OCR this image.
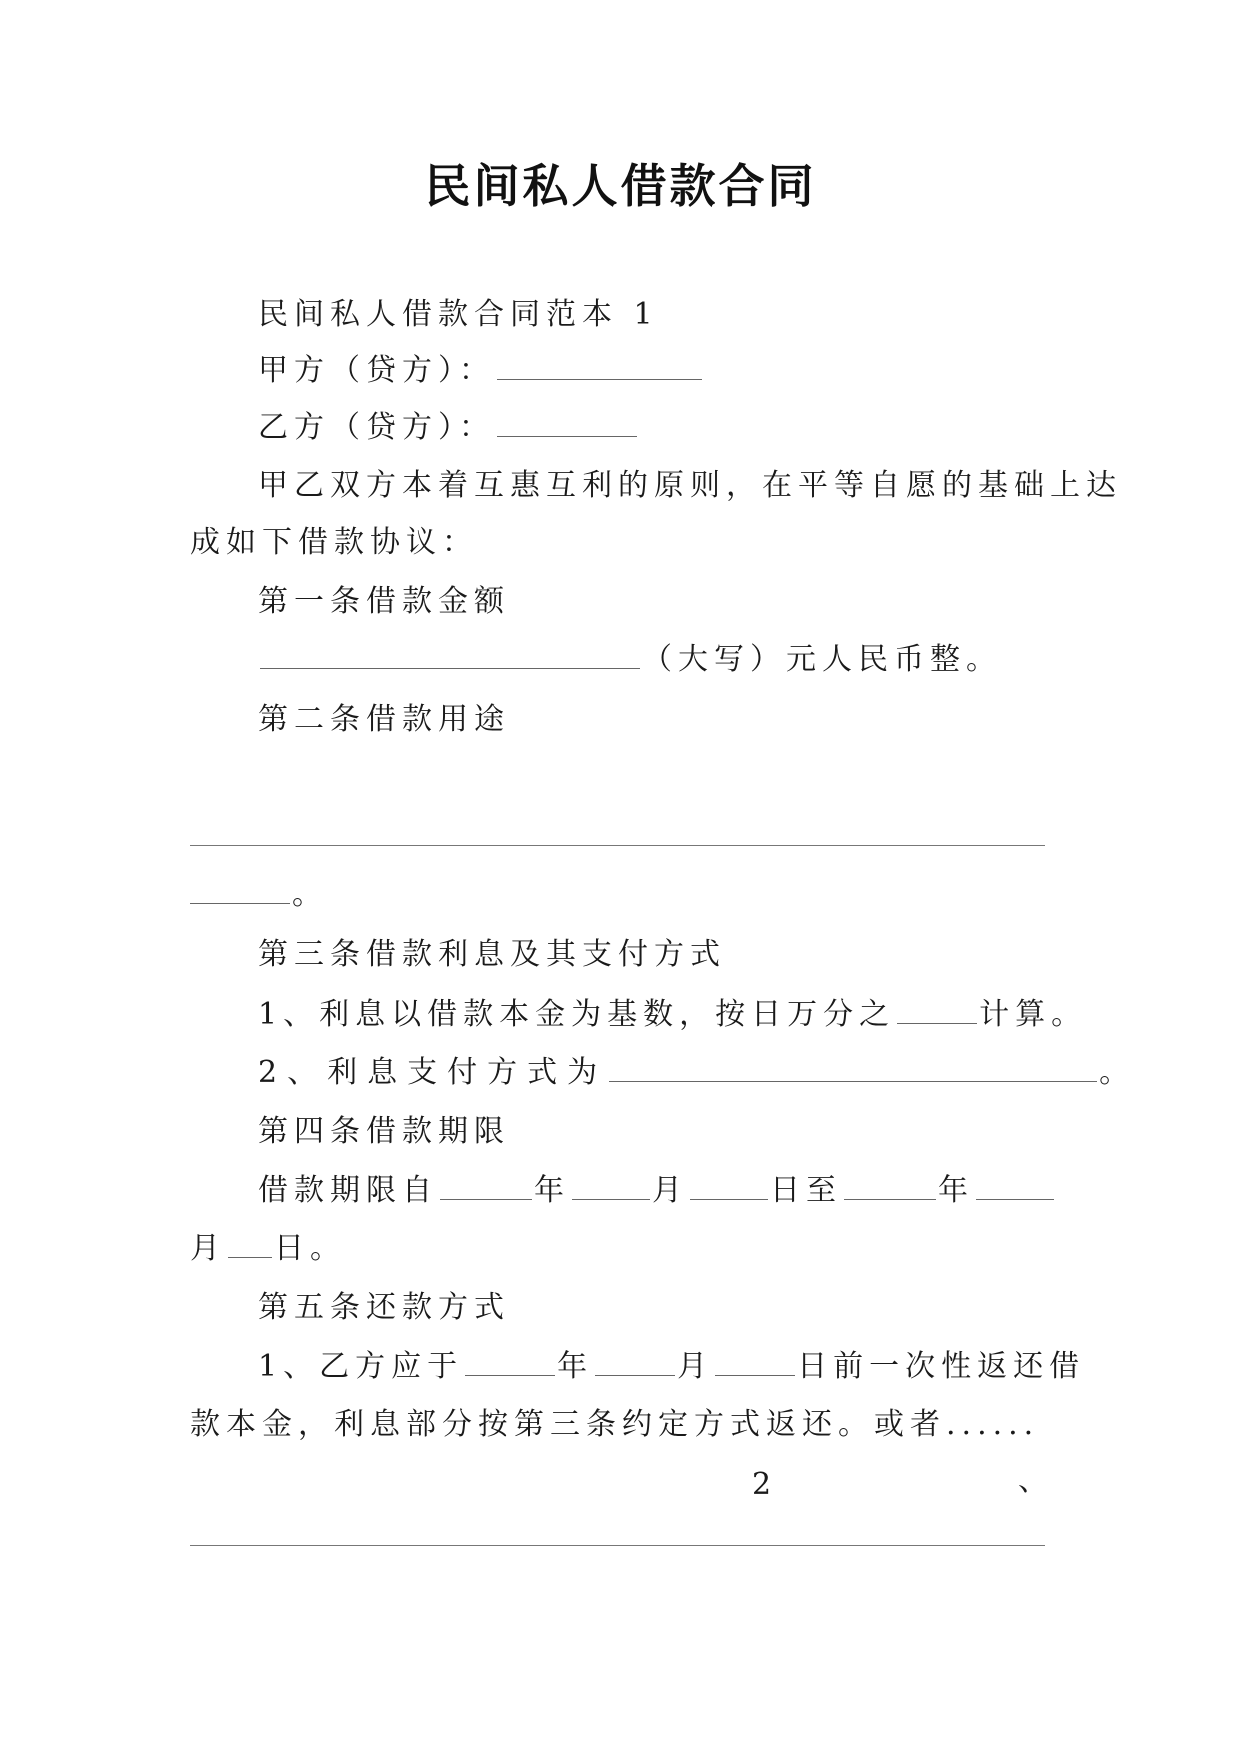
民间私人借款合同
民间私人借款合同范本 1
甲方（贷方）：
乙方（贷方）：
甲乙双方本着互惠互利的原则，在平等自愿的基础上达
成如下借款协议：
第一条借款金额
（大写）元人民币整。
第二条借款用途
。
第三条借款利息及其支付方式
1、利息以借款本金为基数，按日万分之	计算。
2、利息支付方式为	。
第四条借款期限
借款期限自	年	月	日至	年
月 日。
第五条还款方式
1、乙方应于	年	月	日前一次性返还借
款本金，利息部分按第三条约定方式返还。或者......
2	、
